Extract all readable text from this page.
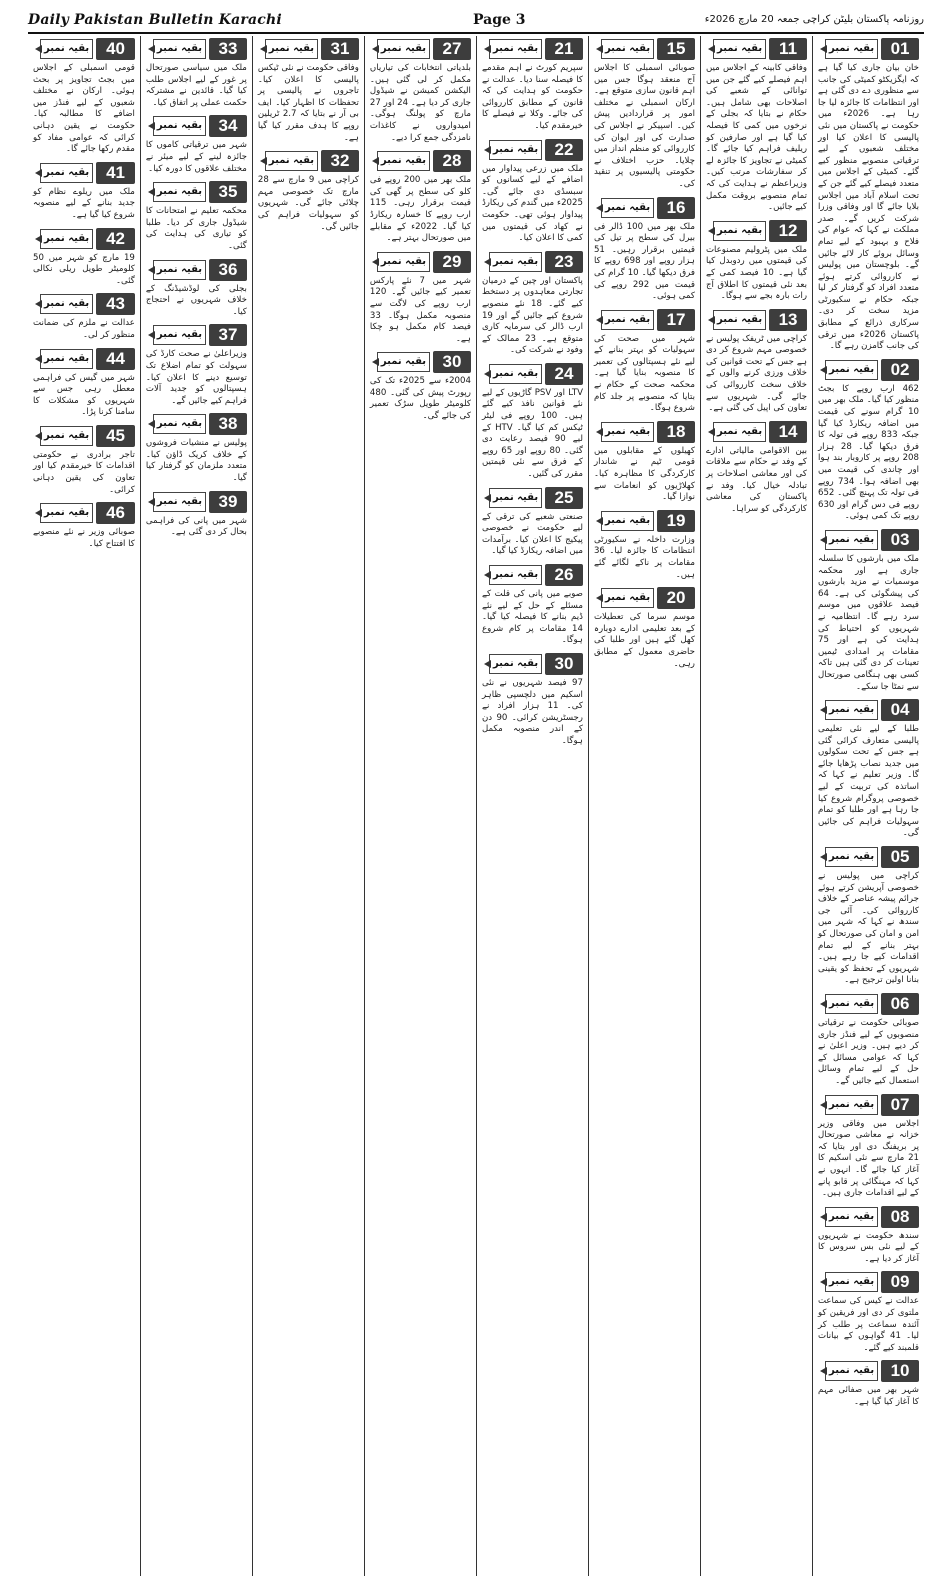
Daily Pakistan Bulletin Karachi	Page 3	روزنامہ پاکستان بلیٹن کراچی جمعہ 20 مارچ 2026ء
01
بقیہ نمبر

خان بیان جاری کیا گیا ہے کہ ایگزیکٹو کمیٹی کی جانب سے منظوری دے دی گئی ہے اور انتظامات کا جائزہ لیا جا رہا ہے۔ 2026ء میں حکومت نے پاکستان میں نئی پالیسی کا اعلان کیا اور مختلف شعبوں کے لیے ترقیاتی منصوبے منظور کیے گئے۔ کمیٹی کے اجلاس میں متعدد فیصلے کیے گئے جن کے تحت اسلام آباد میں اجلاس بلایا جائے گا اور وفاقی وزرا شرکت کریں گے۔ صدر مملکت نے کہا کہ عوام کی فلاح و بہبود کے لیے تمام وسائل بروئے کار لائے جائیں گے۔ بلوچستان میں پولیس نے کارروائی کرتے ہوئے متعدد افراد کو گرفتار کر لیا جبکہ حکام نے سکیورٹی مزید سخت کر دی۔ سرکاری ذرائع کے مطابق پاکستان 2026ء میں ترقی کی جانب گامزن رہے گا۔

02
بقیہ نمبر

462 ارب روپے کا بجٹ منظور کیا گیا۔ ملک بھر میں 10 گرام سونے کی قیمت میں اضافہ ریکارڈ کیا گیا جبکہ 833 روپے فی تولہ کا فرق دیکھا گیا۔ 28 ہزار 208 روپے پر کاروبار بند ہوا اور چاندی کی قیمت میں بھی اضافہ ہوا۔ 734 روپے فی تولہ تک پہنچ گئی۔ 652 روپے فی دس گرام اور 630 روپے تک کمی ہوئی۔

03
بقیہ نمبر

ملک میں بارشوں کا سلسلہ جاری ہے اور محکمہ موسمیات نے مزید بارشوں کی پیشگوئی کی ہے۔ 64 فیصد علاقوں میں موسم سرد رہے گا۔ انتظامیہ نے شہریوں کو احتیاط کی ہدایت کی ہے اور 75 مقامات پر امدادی ٹیمیں تعینات کر دی گئی ہیں تاکہ کسی بھی ہنگامی صورتحال سے نمٹا جا سکے۔

04
بقیہ نمبر

طلبا کے لیے نئی تعلیمی پالیسی متعارف کرائی گئی ہے جس کے تحت سکولوں میں جدید نصاب پڑھایا جائے گا۔ وزیر تعلیم نے کہا کہ اساتذہ کی تربیت کے لیے خصوصی پروگرام شروع کیا جا رہا ہے اور طلبا کو تمام سہولیات فراہم کی جائیں گی۔

05
بقیہ نمبر

کراچی میں پولیس نے خصوصی آپریشن کرتے ہوئے جرائم پیشہ عناصر کے خلاف کارروائی کی۔ آئی جی سندھ نے کہا کہ شہر میں امن و امان کی صورتحال کو بہتر بنانے کے لیے تمام اقدامات کیے جا رہے ہیں۔ شہریوں کے تحفظ کو یقینی بنانا اولین ترجیح ہے۔

06
بقیہ نمبر

صوبائی حکومت نے ترقیاتی منصوبوں کے لیے فنڈز جاری کر دیے ہیں۔ وزیر اعلیٰ نے کہا کہ عوامی مسائل کے حل کے لیے تمام وسائل استعمال کیے جائیں گے۔

07
بقیہ نمبر

اجلاس میں وفاقی وزیر خزانہ نے معاشی صورتحال پر بریفنگ دی اور بتایا کہ 21 مارچ سے نئی اسکیم کا آغاز کیا جائے گا۔ انہوں نے کہا کہ مہنگائی پر قابو پانے کے لیے اقدامات جاری ہیں۔

08
بقیہ نمبر

سندھ حکومت نے شہریوں کے لیے نئی بس سروس کا آغاز کر دیا ہے۔

09
بقیہ نمبر

عدالت نے کیس کی سماعت ملتوی کر دی اور فریقین کو آئندہ سماعت پر طلب کر لیا۔ 41 گواہوں کے بیانات قلمبند کیے گئے۔

10
بقیہ نمبر

شہر بھر میں صفائی مہم کا آغاز کیا گیا ہے۔

11
بقیہ نمبر

وفاقی کابینہ کے اجلاس میں اہم فیصلے کیے گئے جن میں توانائی کے شعبے کی اصلاحات بھی شامل ہیں۔ حکام نے بتایا کہ بجلی کے نرخوں میں کمی کا فیصلہ کیا گیا ہے اور صارفین کو ریلیف فراہم کیا جائے گا۔ کمیٹی نے تجاویز کا جائزہ لے کر سفارشات مرتب کیں۔ وزیراعظم نے ہدایت کی کہ تمام منصوبے بروقت مکمل کیے جائیں۔

12
بقیہ نمبر

ملک میں پٹرولیم مصنوعات کی قیمتوں میں ردوبدل کیا گیا ہے۔ 10 فیصد کمی کے بعد نئی قیمتوں کا اطلاق آج رات بارہ بجے سے ہوگا۔

13
بقیہ نمبر

کراچی میں ٹریفک پولیس نے خصوصی مہم شروع کر دی ہے جس کے تحت قوانین کی خلاف ورزی کرنے والوں کے خلاف سخت کارروائی کی جائے گی۔ شہریوں سے تعاون کی اپیل کی گئی ہے۔

14
بقیہ نمبر

بین الاقوامی مالیاتی ادارے کے وفد نے حکام سے ملاقات کی اور معاشی اصلاحات پر تبادلہ خیال کیا۔ وفد نے پاکستان کی معاشی کارکردگی کو سراہا۔

15
بقیہ نمبر

صوبائی اسمبلی کا اجلاس آج منعقد ہوگا جس میں اہم قانون سازی متوقع ہے۔ ارکان اسمبلی نے مختلف امور پر قراردادیں پیش کیں۔ اسپیکر نے اجلاس کی صدارت کی اور ایوان کی کارروائی کو منظم انداز میں چلایا۔ حزب اختلاف نے حکومتی پالیسیوں پر تنقید کی۔

16
بقیہ نمبر

ملک بھر میں 100 ڈالر فی بیرل کی سطح پر تیل کی قیمتیں برقرار رہیں۔ 51 ہزار روپے اور 698 روپے کا فرق دیکھا گیا۔ 10 گرام کی قیمت میں 292 روپے کی کمی ہوئی۔

17
بقیہ نمبر

شہر میں صحت کی سہولیات کو بہتر بنانے کے لیے نئے ہسپتالوں کی تعمیر کا منصوبہ بنایا گیا ہے۔ محکمہ صحت کے حکام نے بتایا کہ منصوبے پر جلد کام شروع ہوگا۔

18
بقیہ نمبر

کھیلوں کے مقابلوں میں قومی ٹیم نے شاندار کارکردگی کا مظاہرہ کیا۔ کھلاڑیوں کو انعامات سے نوازا گیا۔

19
بقیہ نمبر

وزارت داخلہ نے سکیورٹی انتظامات کا جائزہ لیا۔ 36 مقامات پر ناکے لگائے گئے ہیں۔

20
بقیہ نمبر

موسم سرما کی تعطیلات کے بعد تعلیمی ادارے دوبارہ کھل گئے ہیں اور طلبا کی حاضری معمول کے مطابق رہی۔

21
بقیہ نمبر

سپریم کورٹ نے اہم مقدمے کا فیصلہ سنا دیا۔ عدالت نے حکومت کو ہدایت کی کہ قانون کے مطابق کارروائی کی جائے۔ وکلا نے فیصلے کا خیرمقدم کیا۔

22
بقیہ نمبر

ملک میں زرعی پیداوار میں اضافے کے لیے کسانوں کو سبسڈی دی جائے گی۔ 2025ء میں گندم کی ریکارڈ پیداوار ہوئی تھی۔ حکومت نے کھاد کی قیمتوں میں کمی کا اعلان کیا۔

23
بقیہ نمبر

پاکستان اور چین کے درمیان تجارتی معاہدوں پر دستخط کیے گئے۔ 18 نئے منصوبے شروع کیے جائیں گے اور 19 ارب ڈالر کی سرمایہ کاری متوقع ہے۔ 23 ممالک کے وفود نے شرکت کی۔

24
بقیہ نمبر

LTV اور PSV گاڑیوں کے لیے نئے قوانین نافذ کیے گئے ہیں۔ 100 روپے فی لیٹر ٹیکس کم کیا گیا۔ HTV کے لیے 90 فیصد رعایت دی گئی۔ 80 روپے اور 65 روپے کے فرق سے نئی قیمتیں مقرر کی گئیں۔

25
بقیہ نمبر

صنعتی شعبے کی ترقی کے لیے حکومت نے خصوصی پیکیج کا اعلان کیا۔ برآمدات میں اضافہ ریکارڈ کیا گیا۔

26
بقیہ نمبر

صوبے میں پانی کی قلت کے مسئلے کے حل کے لیے نئے ڈیم بنانے کا فیصلہ کیا گیا۔ 14 مقامات پر کام شروع ہوگا۔

30
بقیہ نمبر

97 فیصد شہریوں نے نئی اسکیم میں دلچسپی ظاہر کی۔ 11 ہزار افراد نے رجسٹریشن کرائی۔ 90 دن کے اندر منصوبہ مکمل ہوگا۔

27
بقیہ نمبر

بلدیاتی انتخابات کی تیاریاں مکمل کر لی گئی ہیں۔ الیکشن کمیشن نے شیڈول جاری کر دیا ہے۔ 24 اور 27 مارچ کو پولنگ ہوگی۔ امیدواروں نے کاغذات نامزدگی جمع کرا دیے۔

28
بقیہ نمبر

ملک بھر میں 200 روپے فی کلو کی سطح پر گھی کی قیمت برقرار رہی۔ 115 ارب روپے کا خسارہ ریکارڈ کیا گیا۔ 2022ء کے مقابلے میں صورتحال بہتر ہے۔

29
بقیہ نمبر

شہر میں 7 نئے پارکس تعمیر کیے جائیں گے۔ 120 ارب روپے کی لاگت سے منصوبہ مکمل ہوگا۔ 33 فیصد کام مکمل ہو چکا ہے۔

30
بقیہ نمبر

2004ء سے 2025ء تک کی رپورٹ پیش کی گئی۔ 480 کلومیٹر طویل سڑک تعمیر کی جائے گی۔

31
بقیہ نمبر

وفاقی حکومت نے نئی ٹیکس پالیسی کا اعلان کیا۔ تاجروں نے پالیسی پر تحفظات کا اظہار کیا۔ ایف بی آر نے بتایا کہ 2.7 ٹریلین روپے کا ہدف مقرر کیا گیا ہے۔

32
بقیہ نمبر

کراچی میں 9 مارچ سے 28 مارچ تک خصوصی مہم چلائی جائے گی۔ شہریوں کو سہولیات فراہم کی جائیں گی۔

33
بقیہ نمبر

ملک میں سیاسی صورتحال پر غور کے لیے اجلاس طلب کیا گیا۔ قائدین نے مشترکہ حکمت عملی پر اتفاق کیا۔

34
بقیہ نمبر

شہر میں ترقیاتی کاموں کا جائزہ لینے کے لیے میئر نے مختلف علاقوں کا دورہ کیا۔

35
بقیہ نمبر

محکمہ تعلیم نے امتحانات کا شیڈول جاری کر دیا۔ طلبا کو تیاری کی ہدایت کی گئی۔

36
بقیہ نمبر

بجلی کی لوڈشیڈنگ کے خلاف شہریوں نے احتجاج کیا۔

37
بقیہ نمبر

وزیراعلیٰ نے صحت کارڈ کی سہولت کو تمام اضلاع تک توسیع دینے کا اعلان کیا۔ ہسپتالوں کو جدید آلات فراہم کیے جائیں گے۔

38
بقیہ نمبر

پولیس نے منشیات فروشوں کے خلاف کریک ڈاؤن کیا۔ متعدد ملزمان کو گرفتار کیا گیا۔

39
بقیہ نمبر

شہر میں پانی کی فراہمی بحال کر دی گئی ہے۔

40
بقیہ نمبر

قومی اسمبلی کے اجلاس میں بجٹ تجاویز پر بحث ہوئی۔ ارکان نے مختلف شعبوں کے لیے فنڈز میں اضافے کا مطالبہ کیا۔ حکومت نے یقین دہانی کرائی کہ عوامی مفاد کو مقدم رکھا جائے گا۔

41
بقیہ نمبر

ملک میں ریلوے نظام کو جدید بنانے کے لیے منصوبہ شروع کیا گیا ہے۔

42
بقیہ نمبر

19 مارچ کو شہر میں 50 کلومیٹر طویل ریلی نکالی گئی۔

43
بقیہ نمبر

عدالت نے ملزم کی ضمانت منظور کر لی۔

44
بقیہ نمبر

شہر میں گیس کی فراہمی معطل رہی جس سے شہریوں کو مشکلات کا سامنا کرنا پڑا۔

45
بقیہ نمبر

تاجر برادری نے حکومتی اقدامات کا خیرمقدم کیا اور تعاون کی یقین دہانی کرائی۔

46
بقیہ نمبر

صوبائی وزیر نے نئے منصوبے کا افتتاح کیا۔
